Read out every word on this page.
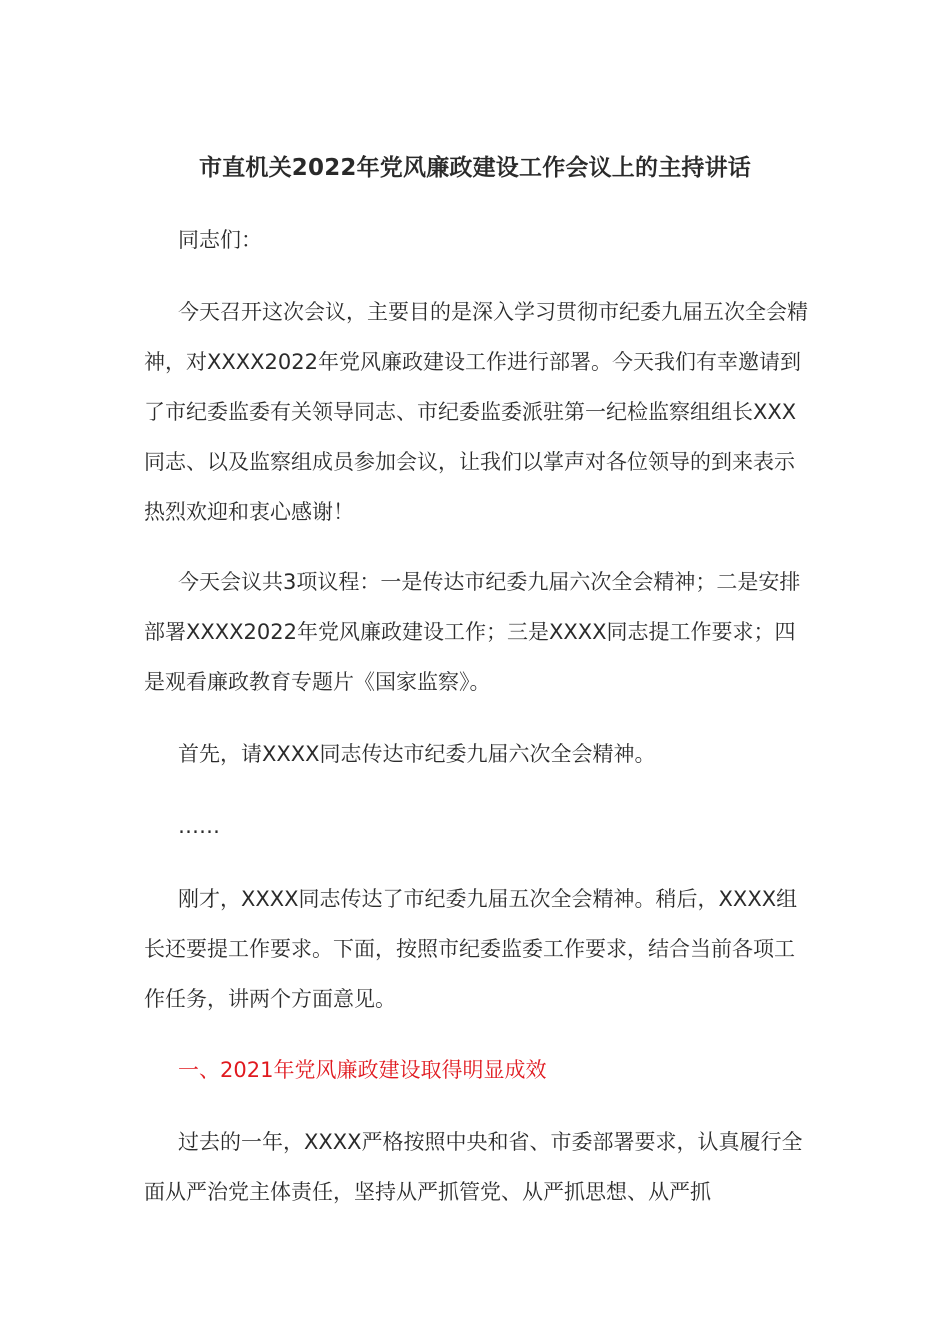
市直机关2022年党风廉政建设工作会议上的主持讲话

同志们：

今天召开这次会议，主要目的是深入学习贯彻市纪委九届五次全会精神，对XXXX2022年党风廉政建设工作进行部署。今天我们有幸邀请到了市纪委监委有关领导同志、市纪委监委派驻第一纪检监察组组长XXX同志、以及监察组成员参加会议，让我们以掌声对各位领导的到来表示热烈欢迎和衷心感谢！

今天会议共3项议程：一是传达市纪委九届六次全会精神；二是安排部署XXXX2022年党风廉政建设工作；三是XXXX同志提工作要求；四是观看廉政教育专题片《国家监察》。

首先，请XXXX同志传达市纪委九届六次全会精神。

……

刚才，XXXX同志传达了市纪委九届五次全会精神。稍后，XXXX组长还要提工作要求。下面，按照市纪委监委工作要求，结合当前各项工作任务，讲两个方面意见。

一、2021年党风廉政建设取得明显成效

过去的一年，XXXX严格按照中央和省、市委部署要求，认真履行全面从严治党主体责任，坚持从严抓管党、从严抓思想、从严抓
